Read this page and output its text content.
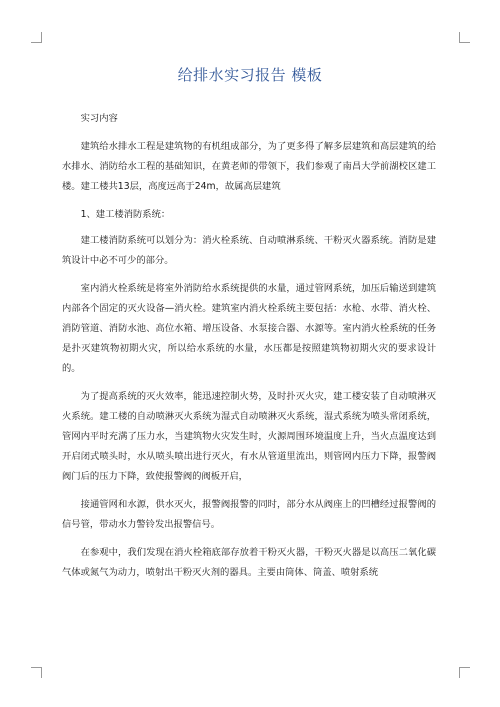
给排水实习报告 模板

实习内容

建筑给水排水工程是建筑物的有机组成部分，为了更多得了解多层建筑和高层建筑的给水排水、消防给水工程的基础知识，在黄老师的带领下，我们参观了南昌大学前湖校区建工楼。建工楼共13层，高度远高于24m，故属高层建筑

1、建工楼消防系统：

建工楼消防系统可以划分为：消火栓系统、自动喷淋系统、干粉灭火器系统。消防是建筑设计中必不可少的部分。

室内消火栓系统是将室外消防给水系统提供的水量，通过管网系统，加压后输送到建筑内部各个固定的灭火设备—消火栓。建筑室内消火栓系统主要包括：水枪、水带、消火栓、消防管道、消防水池、高位水箱、增压设备、水泵接合器、水源等。室内消火栓系统的任务是扑灭建筑物初期火灾，所以给水系统的水量，水压都是按照建筑物初期火灾的要求设计的。

为了提高系统的灭火效率，能迅速控制火势，及时扑灭火灾，建工楼安装了自动喷淋灭火系统。建工楼的自动喷淋灭火系统为湿式自动喷淋灭火系统，湿式系统为喷头常闭系统，管网内平时充满了压力水，当建筑物火灾发生时，火源周围环境温度上升，当火点温度达到开启闭式喷头时，水从喷头喷出进行灭火，有水从管道里流出，则管网内压力下降，报警阀阀门后的压力下降，致使报警阀的阀板开启，

接通管网和水源，供水灭火，报警阀报警的同时，部分水从阀座上的凹槽经过报警阀的信号管，带动水力警铃发出报警信号。

在参观中，我们发现在消火栓箱底部存放着干粉灭火器，干粉灭火器是以高压二氧化碳气体或氮气为动力，喷射出干粉灭火剂的器具。主要由筒体、筒盖、喷射系统
